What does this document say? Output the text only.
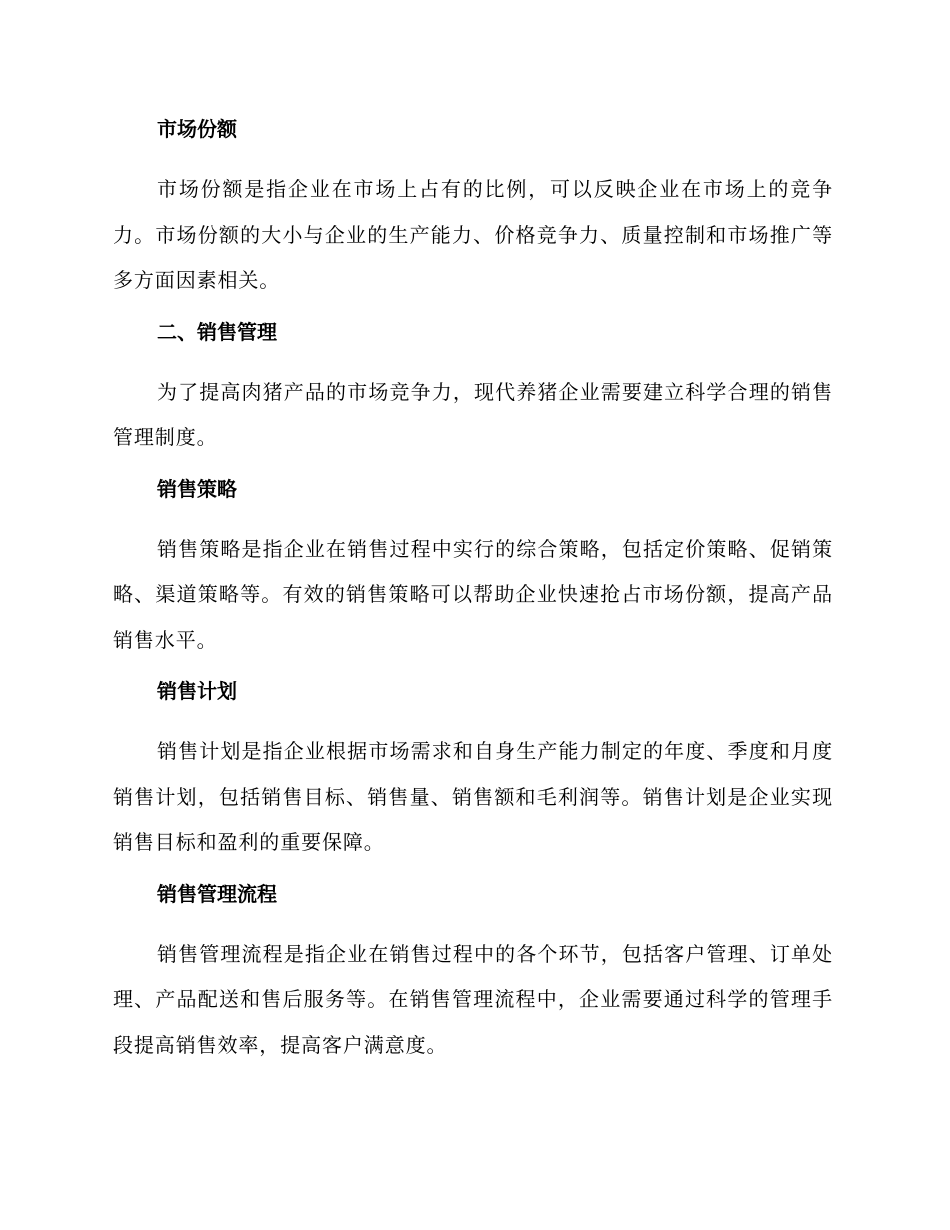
市场份额

市场份额是指企业在市场上占有的比例，可以反映企业在市场上的竞争力。市场份额的大小与企业的生产能力、价格竞争力、质量控制和市场推广等多方面因素相关。

二、销售管理

为了提高肉猪产品的市场竞争力，现代养猪企业需要建立科学合理的销售管理制度。

销售策略

销售策略是指企业在销售过程中实行的综合策略，包括定价策略、促销策略、渠道策略等。有效的销售策略可以帮助企业快速抢占市场份额，提高产品销售水平。

销售计划

销售计划是指企业根据市场需求和自身生产能力制定的年度、季度和月度销售计划，包括销售目标、销售量、销售额和毛利润等。销售计划是企业实现销售目标和盈利的重要保障。

销售管理流程

销售管理流程是指企业在销售过程中的各个环节，包括客户管理、订单处理、产品配送和售后服务等。在销售管理流程中，企业需要通过科学的管理手段提高销售效率，提高客户满意度。
